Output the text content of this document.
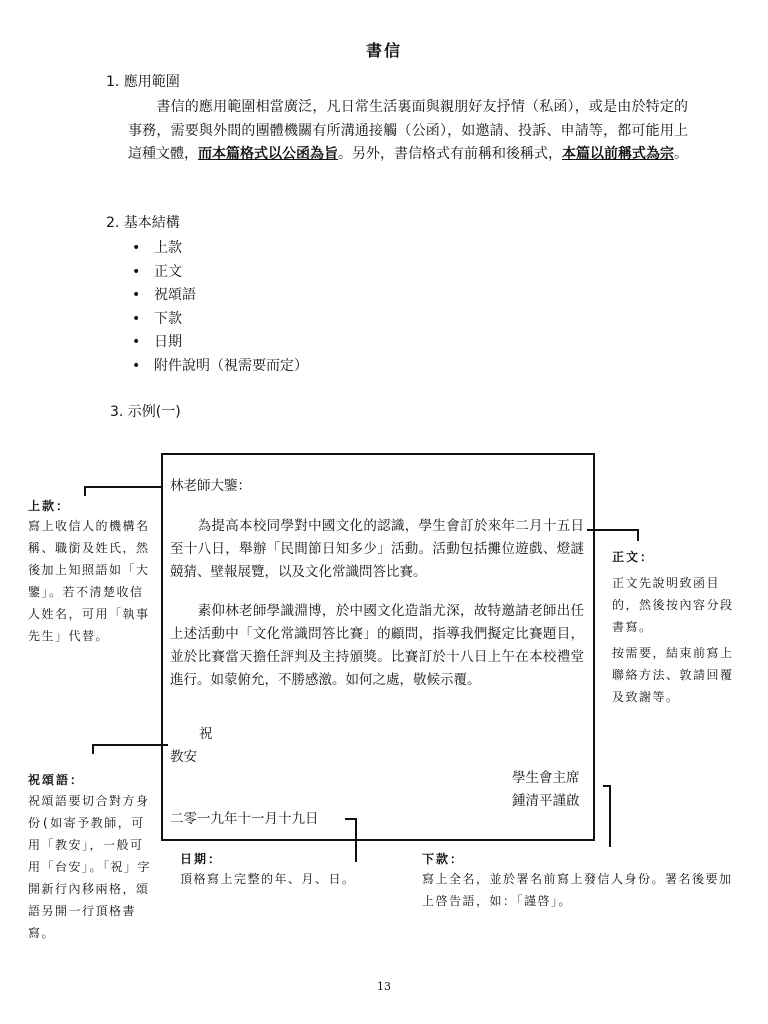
書信
1. 應用範圍
　　書信的應用範圍相當廣泛，凡日常生活裏面與親朋好友抒情（私函），或是由於特定的事務，需要與外間的團體機關有所溝通接觸（公函），如邀請、投訴、申請等，都可能用上這種文體，而本篇格式以公函為旨。另外，書信格式有前稱和後稱式，本篇以前稱式為宗。
2. 基本結構
• 上款
• 正文
• 祝頌語
• 下款
• 日期
• 附件說明（視需要而定）
3. 示例(一)
林老師大鑒：
　　為提高本校同學對中國文化的認識，學生會訂於來年二月十五日至十八日，舉辦「民間節日知多少」活動。活動包括攤位遊戲、燈謎競猜、壁報展覽，以及文化常識問答比賽。
　　素仰林老師學識淵博，於中國文化造詣尤深，故特邀請老師出任上述活動中「文化常識問答比賽」的顧問，指導我們擬定比賽題目，並於比賽當天擔任評判及主持頒獎。比賽訂於十八日上午在本校禮堂進行。如蒙俯允，不勝感激。如何之處，敬候示覆。
祝
教安
學生會主席
鍾清平謹啟
二零一九年十一月十九日
上款：
寫上收信人的機構名稱、職銜及姓氏，然後加上知照語如「大鑒」。若不清楚收信人姓名，可用「執事先生」代替。
正文：
正文先說明致函目的，然後按內容分段書寫。
按需要，結束前寫上聯絡方法、敦請回覆及致謝等。
祝頌語：
祝頌語要切合對方身份(如寄予教師，可用「教安」，一般可用「台安」。「祝」字開新行內移兩格，頌語另開一行頂格書寫。
日期：
頂格寫上完整的年、月、日。
下款：
寫上全名，並於署名前寫上發信人身份。署名後要加上啓告語，如：「謹啓」。
13
